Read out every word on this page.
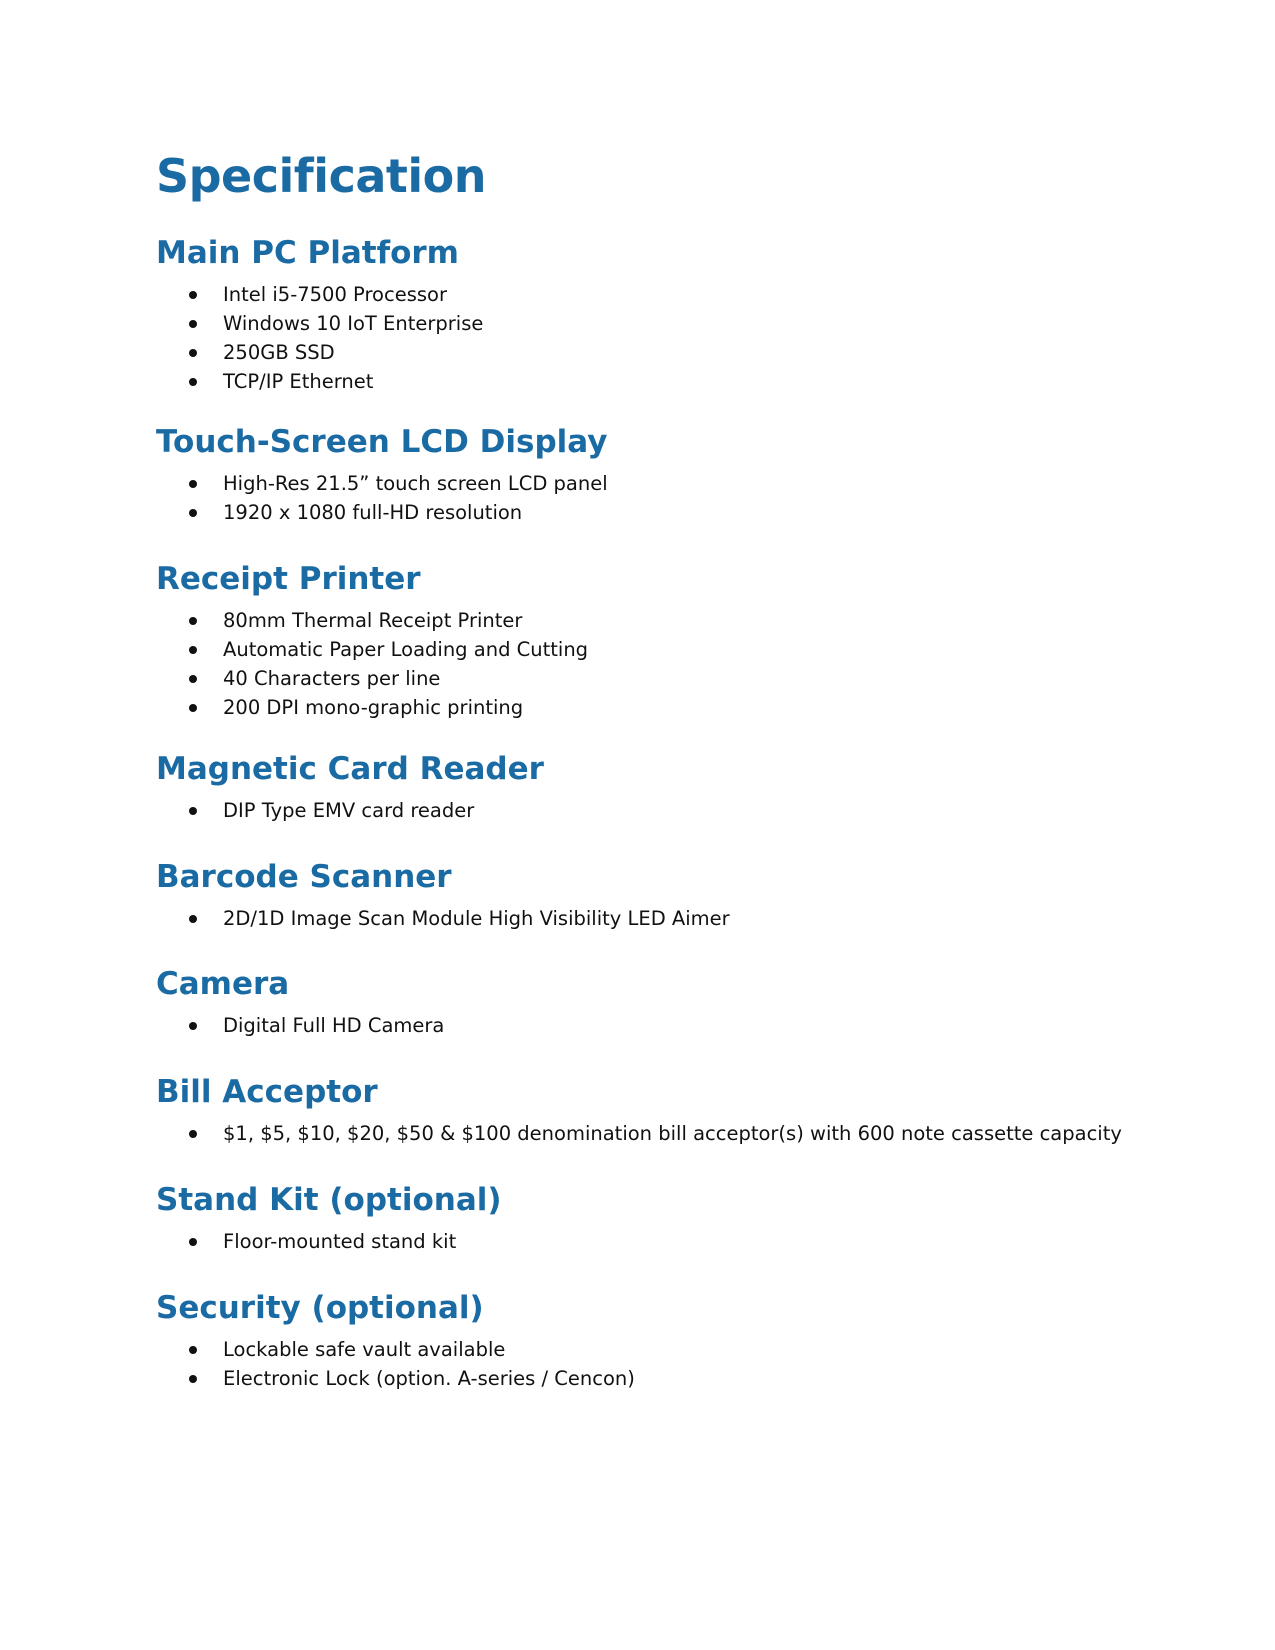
Specification
Main PC Platform
Intel i5-7500 Processor
Windows 10 IoT Enterprise
250GB SSD
TCP/IP Ethernet
Touch-Screen LCD Display
High-Res 21.5” touch screen LCD panel
1920 x 1080 full-HD resolution
Receipt Printer
80mm Thermal Receipt Printer
Automatic Paper Loading and Cutting
40 Characters per line
200 DPI mono-graphic printing
Magnetic Card Reader
DIP Type EMV card reader
Barcode Scanner
2D/1D Image Scan Module High Visibility LED Aimer
Camera
Digital Full HD Camera
Bill Acceptor
$1, $5, $10, $20, $50 & $100 denomination bill acceptor(s) with 600 note cassette capacity
Stand Kit (optional)
Floor-mounted stand kit
Security (optional)
Lockable safe vault available
Electronic Lock (option. A-series / Cencon)
